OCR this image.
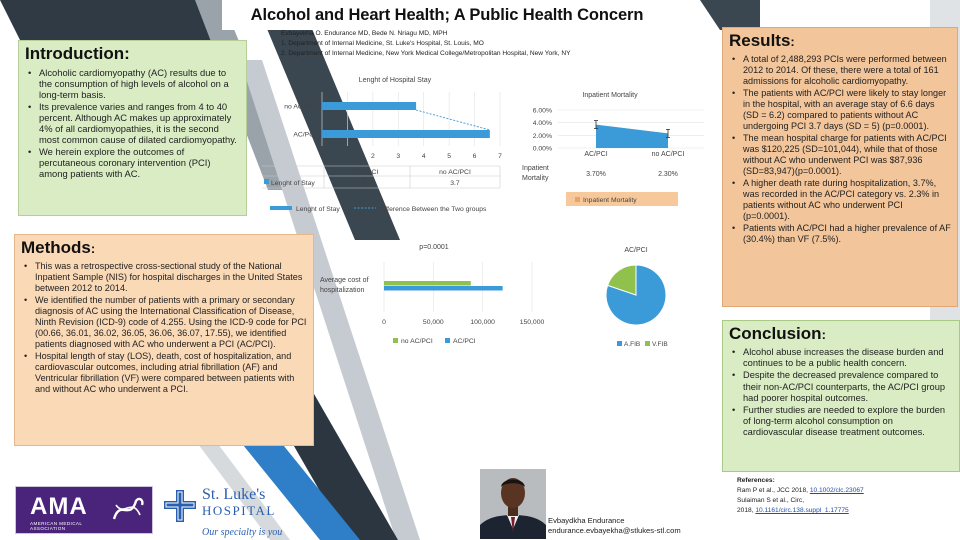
Alcohol and Heart Health; A Public Health Concern
Evbayekha O. Endurance MD, Bede N. Nriagu MD, MPH
1. Department of Internal Medicine, St. Luke's Hospital, St. Louis, MO
2. Department of Internal Medicine, New York Medical College/Metropolitan Hospital, New York, NY
Introduction:
• Alcoholic cardiomyopathy (AC) results due to the consumption of high levels of alcohol on a long-term basis.
• Its prevalence varies and ranges from 4 to 40 percent. Although AC makes up approximately 4% of all cardiomyopathies, it is the second most common cause of dilated cardiomyopathy.
• We herein explore the outcomes of percutaneous coronary intervention (PCI) among patients with AC.
Methods:
• This was a retrospective cross-sectional study of the National Inpatient Sample (NIS) for hospital discharges in the United States between 2012 to 2014.
• We identified the number of patients with a primary or secondary diagnosis of AC using the International Classification of Disease, Ninth Revision (ICD-9) code of 4.255. Using the ICD-9 code for PCI (00.66, 36.01, 36.02, 36.05, 36.06, 36.07, 17.55), we identified patients diagnosed with AC who underwent a PCI (AC/PCI).
• Hospital length of stay (LOS), death, cost of hospitalization, and cardiovascular outcomes, including atrial fibrillation (AF) and Ventricular fibrillation (VF) were compared between patients with and without AC who underwent a PCI.
Results:
• A total of 2,488,293 PCIs were performed between 2012 to 2014. Of these, there were a total of 161 admissions for alcoholic cardiomyopathy.
• The patients with AC/PCI were likely to stay longer in the hospital, with an average stay of 6.6 days (SD = 6.2) compared to patients without AC undergoing PCI 3.7 days (SD = 5) (p=0.0001).
• The mean hospital charge for patients with AC/PCI was $120,225 (SD=101,044), while that of those without AC who underwent PCI was $87,936 (SD=83,947)(p=0.0001).
• A higher death rate during hospitalization, 3.7%, was recorded in the AC/PCI category vs. 2.3% in patients without AC who underwent PCI (p=0.0001).
• Patients with AC/PCI had a higher prevalence of AF (30.4%) than VF (7.5%).
Conclusion:
• Alcohol abuse increases the disease burden and continues to be a public health concern.
• Despite the decreased prevalence compared to their non-AC/PCI counterparts, the AC/PCI group had poorer hospital outcomes.
• Further studies are needed to explore the burden of long-term alcohol consumption on cardiovascular disease treatment outcomes.
Lenght of Hospital Stay
AC/PCI
no AC/PCI
0	1	2	3	4	5	6	7
AC/PCI	no AC/PCI
Lenght of Stay	6.6	3.7
Lenght of Stay	Difference Between the Two groups
Inpatient Mortality
0.00%
2.00%
4.00%
6.00%
AC/PCI	no AC/PCI
Inpatient
Mortality
3.70%	2.30%
Inpatient Mortality
p=0.0001
Average cost of
hospitalization
0	50,000	100,000	150,000
no AC/PCI	AC/PCI
AC/PCI
A.FIB V.FIB
References:
Ram P et al., JCC 2018, 10.1002/clc.23067
Sulaiman S et al., Circ,
2018, 10.1161/circ.138.suppl_1.17775
AMA
AMERICAN MEDICAL
ASSOCIATION
St. Luke's
HOSPITAL
Our specialty is you
Evbaydkha Endurance
endurance.evbayekha@stlukes-stl.com
